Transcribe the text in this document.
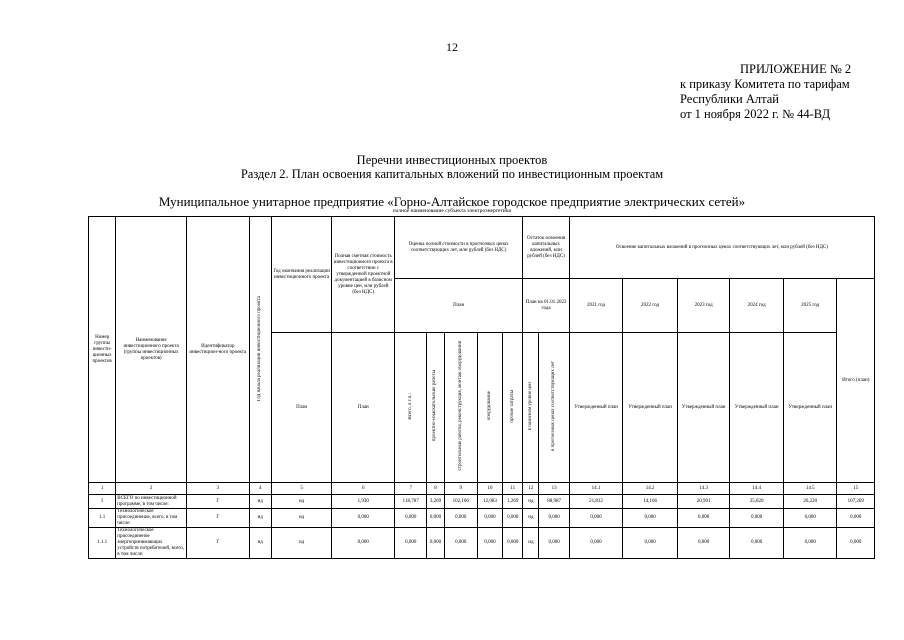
12
ПРИЛОЖЕНИЕ № 2
к приказу Комитета по тарифам
Республики Алтай
от 1 ноября 2022 г. № 44-ВД
Перечни инвестиционных проектов
Раздел 2. План освоения капитальных вложений по инвестиционным проектам
Муниципальное унитарное предприятие «Горно-Алтайское городское предприятие электрических сетей»
полное наименование субъекта электроэнергетики
Номер группы инвести-ционных проектов	Наименование инвестиционного проекта (группы инвестиционных проектов)	Идентификатор инвестицион-ного проекта	Год начала реализации инвестиционного проекта	Год окончания реализации инвестиционного проекта	Полная сметная стоимость инвестиционного проекта в соответствии с утвержденной проектной документацией в базисном уровне цен, млн рублей (без НДС)	Оценка полной стоимости в прогнозных ценах соответствующих лет, млн рублей (без НДС)					Остаток освоения капитальных вложений, млн рублей (без НДС)		Освоение капитальных вложений в прогнозных ценах соответствующих лет, млн рублей (без НДС)					
						План					План на 01.01.2022 года		2021 год	2022 год	2023 год	2024 год	2025 год	Итого (план)
				План	План	Всего, в т.ч.:	проектно-изыскательские работы	строительные работы, реконструкция, монтаж оборудования	оборудование	прочие затраты	в базисном уровне цен	в прогнозных ценах соответствующих лет	Утвержденный план	Утвержденный план	Утвержденный план	Утвержденный план	Утвержденный план	
1	2	3	4	5	6	7	8	9	10	11	12	13	14.1	14.2	14.3	14.4	14.5	15
I	ВСЕГО по инвестиционной программе, в том числе:	Г	нд	нд	1,930	118,787	3,269	102,166	12,083	1,269	нд	88,987	21,832	14,166	20,991	25,820	26,220	107,269
1.1	Технологическое присоединение, всего, в том числе:	Г	нд	нд	0,000	0,000	0,000	0,000	0,000	0,000	нд	0,000	0,000	0,000	0,000	0,000	0,000	0,000
1.1.1	Технологическое присоединение энергопринимающих устройств потребителей, всего, в том числе:	Г	нд	нд	0,000	0,000	0,000	0,000	0,000	0,000	нд	0,000	0,000	0,000	0,000	0,000	0,000	0,000
